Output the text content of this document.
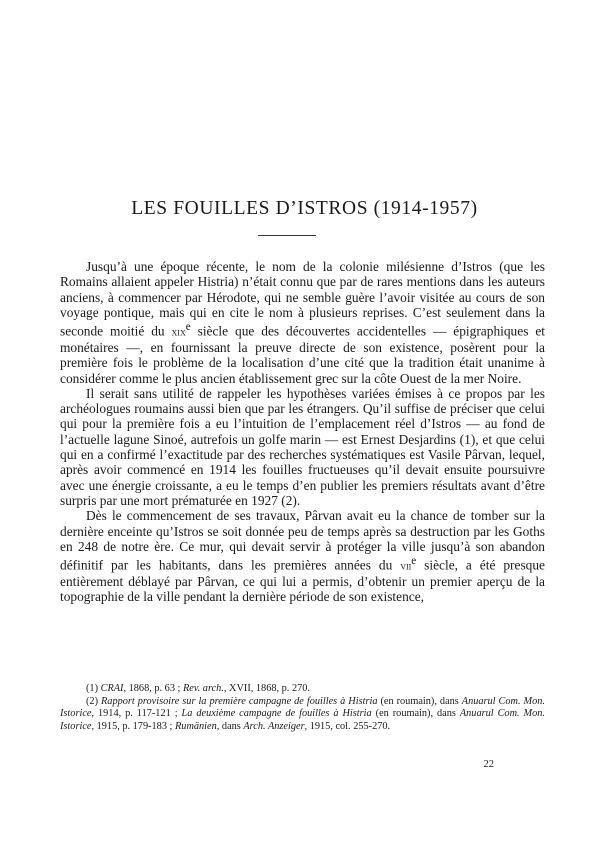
LES FOUILLES D’ISTROS (1914-1957)

Jusqu’à une époque récente, le nom de la colonie milésienne d’Istros (que les Romains allaient appeler Histria) n’était connu que par de rares mentions dans les auteurs anciens, à commencer par Hérodote, qui ne semble guère l’avoir visitée au cours de son voyage pontique, mais qui en cite le nom à plusieurs reprises. C’est seulement dans la seconde moitié du xix$^e$ siècle que des découvertes accidentelles — épigraphiques et monétaires —, en fournissant la preuve directe de son existence, posèrent pour la première fois le problème de la localisation d’une cité que la tradition était unanime à considérer comme le plus ancien établissement grec sur la côte Ouest de la mer Noire.

Il serait sans utilité de rappeler les hypothèses variées émises à ce propos par les archéologues roumains aussi bien que par les étrangers. Qu’il suffise de préciser que celui qui pour la première fois a eu l’intuition de l’emplacement réel d’Istros — au fond de l’actuelle lagune Sinoé, autrefois un golfe marin — est Ernest Desjardins (1), et que celui qui en a confirmé l’exactitude par des recherches systématiques est Vasile Pârvan, lequel, après avoir commencé en 1914 les fouilles fructueuses qu’il devait ensuite poursuivre avec une énergie croissante, a eu le temps d’en publier les premiers résultats avant d’être surpris par une mort prématurée en 1927 (2).

Dès le commencement de ses travaux, Pârvan avait eu la chance de tomber sur la dernière enceinte qu’Istros se soit donnée peu de temps après sa destruction par les Goths en 248 de notre ère. Ce mur, qui devait servir à protéger la ville jusqu’à son abandon définitif par les habitants, dans les premières années du vii$^e$ siècle, a été presque entièrement déblayé par Pârvan, ce qui lui a permis, d’obtenir un premier aperçu de la topographie de la ville pendant la dernière période de son existence,

(1) CRAI, 1868, p. 63 ; Rev. arch., XVII, 1868, p. 270.

(2) Rapport provisoire sur la première campagne de fouilles à Histria (en roumain), dans Anuarul Com. Mon. Istorice, 1914, p. 117-121 ; La deuxième campagne de fouilles à Histria (en roumain), dans Anuarul Com. Mon. Istorice, 1915, p. 179-183 ; Rumänien, dans Arch. Anzeiger, 1915, col. 255-270.

22
